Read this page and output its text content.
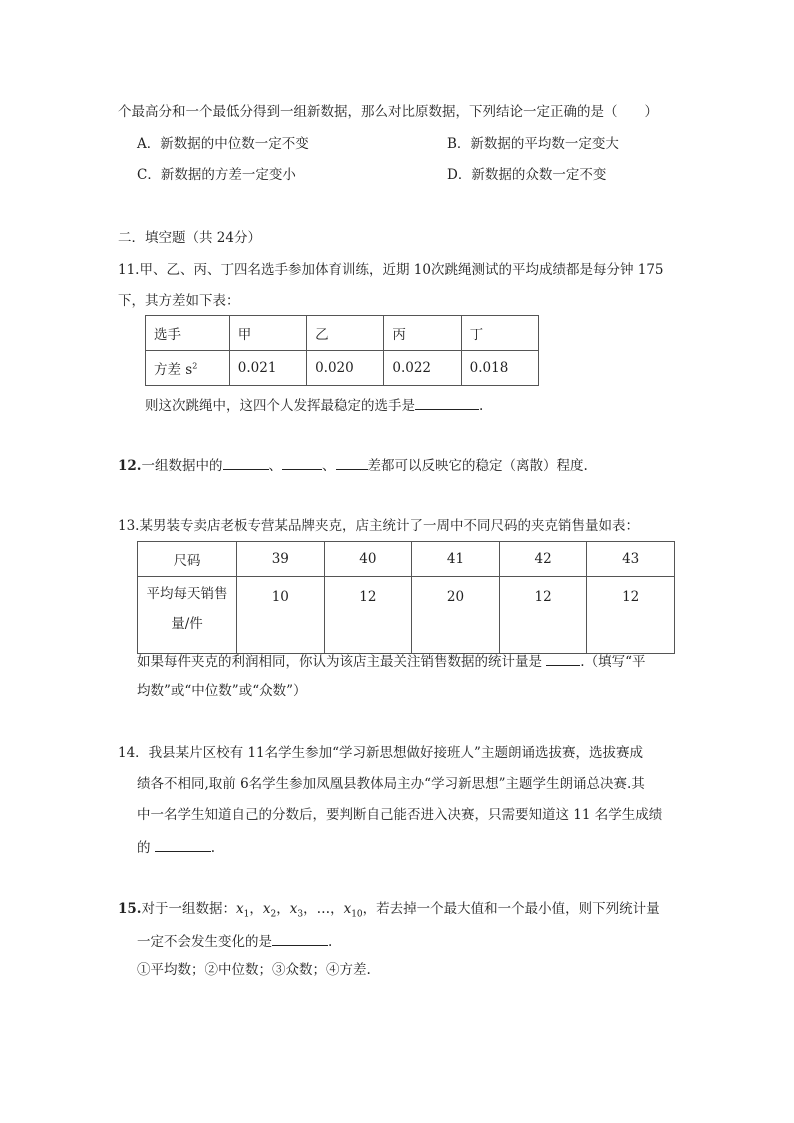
个最高分和一个最低分得到一组新数据，那么对比原数据，下列结论一定正确的是（　　）
A．新数据的中位数一定不变	B．新数据的平均数一定变大
C．新数据的方差一定变小	D．新数据的众数一定不变
二．填空题（共 24分）
11.甲、乙、丙、丁四名选手参加体育训练，近期 10次跳绳测试的平均成绩都是每分钟 175
下，其方差如下表：
选手	甲	乙	丙	丁
方差 $s^2$	0.021	0.020	0.022	0.018
则这次跳绳中，这四个人发挥最稳定的选手是	.
12.一组数据中的	、	、 差都可以反映它的稳定（离散）程度.
13.某男装专卖店老板专营某品牌夹克，店主统计了一周中不同尺码的夹克销售量如表：
尺码	39	40	41	42	43
平均每天销售
量/件	10	12	20	12	12
如果每件夹克的利润相同，你认为该店主最关注销售数据的统计量是	.（填写“平
均数”或“中位数”或“众数”）
14．我县某片区校有 11名学生参加“学习新思想做好接班人”主题朗诵选拔赛，选拔赛成
绩各不相同,取前 6名学生参加凤凰县教体局主办“学习新思想”主题学生朗诵总决赛.其
中一名学生知道自己的分数后，要判断自己能否进入决赛，只需要知道这 11 名学生成绩
的	.
15.对于一组数据：$x_1$，$x_2$，$x_3$，…，$x_{10}$，若去掉一个最大值和一个最小值，则下列统计量
一定不会发生变化的是	.
①平均数；②中位数；③众数；④方差.
